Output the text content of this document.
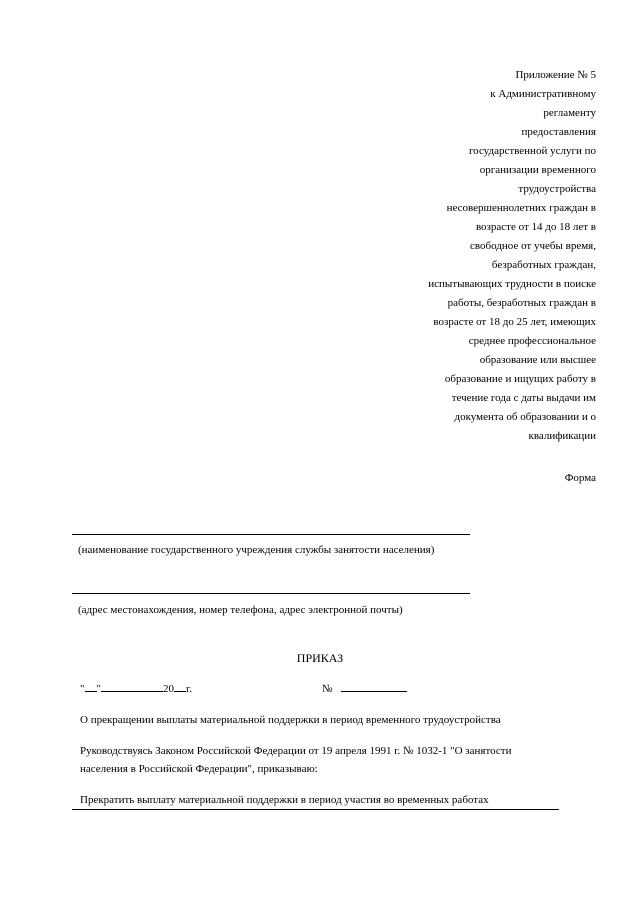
Приложение № 5
к Административному
регламенту
предоставления
государственной услуги по
организации временного
трудоустройства
несовершеннолетних граждан в
возрасте от 14 до 18 лет в
свободное от учебы время,
безработных граждан,
испытывающих трудности в поиске
работы, безработных граждан в
возрасте от 18 до 25 лет, имеющих
среднее профессиональное
образование или высшее
образование и ищущих работу в
течение года с даты выдачи им
документа об образовании и о
квалификации
Форма
(наименование государственного учреждения службы занятости населения)
(адрес местонахождения, номер телефона, адрес электронной почты)
ПРИКАЗ
" "	20 г.	№
О прекращении выплаты материальной поддержки в период временного трудоустройства
Руководствуясь Законом Российской Федерации от 19 апреля 1991 г. № 1032-1 "О занятости населения в Российской Федерации", приказываю:
Прекратить выплату материальной поддержки в период участия во временных работах
